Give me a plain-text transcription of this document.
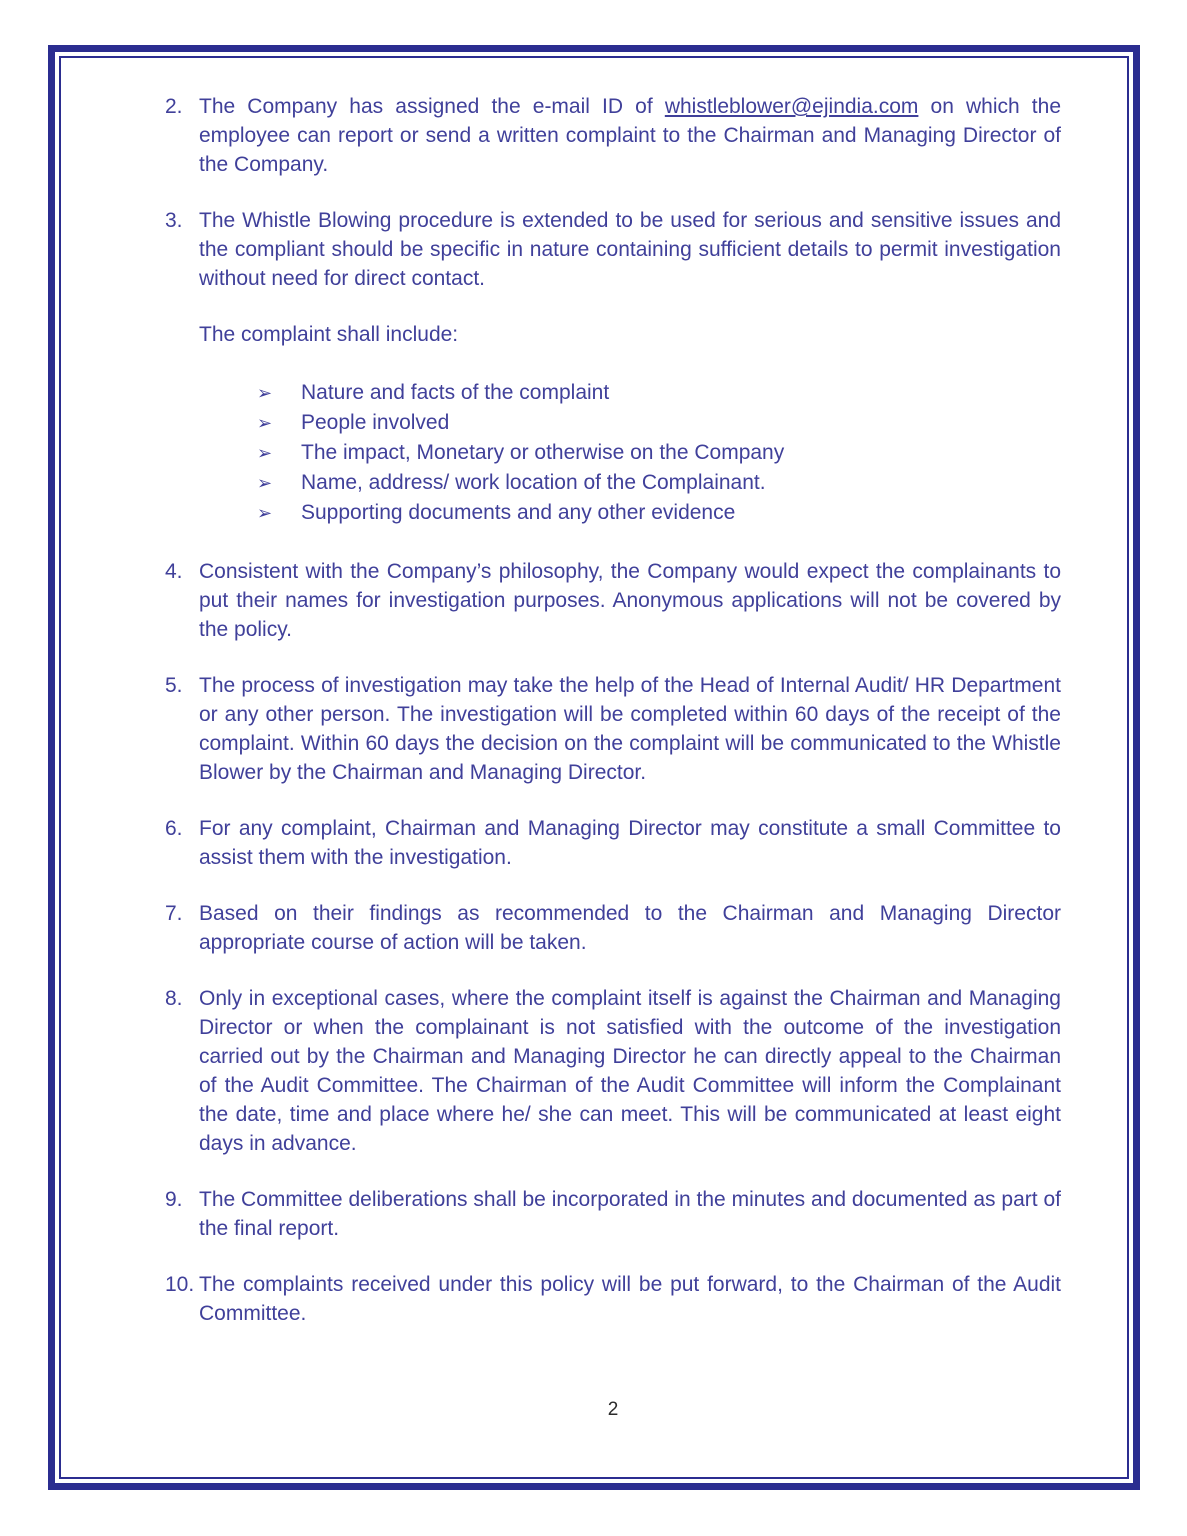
2. The Company has assigned the e-mail ID of whistleblower@ejindia.com on which the employee can report or send a written complaint to the Chairman and Managing Director of the Company.

3. The Whistle Blowing procedure is extended to be used for serious and sensitive issues and the compliant should be specific in nature containing sufficient details to permit investigation without need for direct contact.

The complaint shall include:
➢	Nature and facts of the complaint
➢	People involved
➢	The impact, Monetary or otherwise on the Company
➢	Name, address/ work location of the Complainant.
➢	Supporting documents and any other evidence
4. Consistent with the Company’s philosophy, the Company would expect the complainants to put their names for investigation purposes. Anonymous applications will not be covered by the policy.

5. The process of investigation may take the help of the Head of Internal Audit/ HR Department or any other person. The investigation will be completed within 60 days of the receipt of the complaint. Within 60 days the decision on the complaint will be communicated to the Whistle Blower by the Chairman and Managing Director.

6. For any complaint, Chairman and Managing Director may constitute a small Committee to assist them with the investigation.

7. Based on their findings as recommended to the Chairman and Managing Director appropriate course of action will be taken.

8. Only in exceptional cases, where the complaint itself is against the Chairman and Managing Director or when the complainant is not satisfied with the outcome of the investigation carried out by the Chairman and Managing Director he can directly appeal to the Chairman of the Audit Committee. The Chairman of the Audit Committee will inform the Complainant the date, time and place where he/ she can meet. This will be communicated at least eight days in advance.

9. The Committee deliberations shall be incorporated in the minutes and documented as part of the final report.

10. The complaints received under this policy will be put forward, to the Chairman of the Audit Committee.

2
